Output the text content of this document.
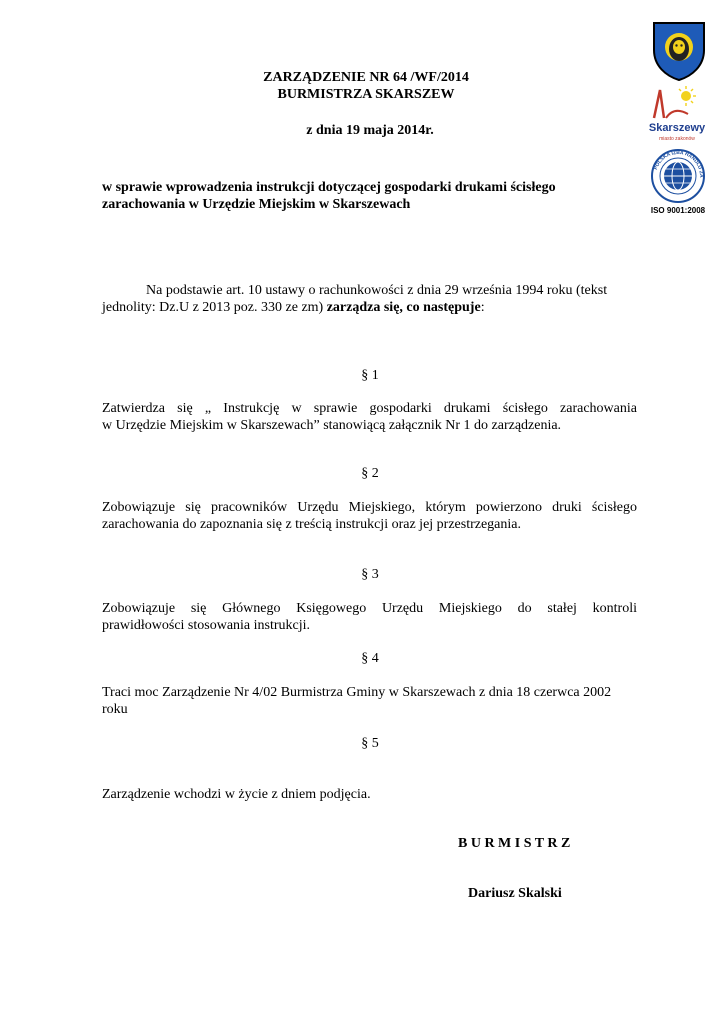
Skarszewy
miasto zakonów
POLSKA IZBA HANDLU ZA
ISO 9001:2008
ZARZĄDZENIE NR 64 /WF/2014
BURMISTRZA SKARSZEW
z dnia 19 maja 2014r.
w sprawie wprowadzenia instrukcji dotyczącej gospodarki drukami ścisłego
zarachowania w Urzędzie Miejskim w Skarszewach
Na podstawie art. 10 ustawy o rachunkowości z dnia 29 września 1994 roku (tekst
jednolity: Dz.U z 2013 poz. 330 ze zm) zarządza się, co następuje:
§ 1
Zatwierdza się „ Instrukcję w sprawie gospodarki drukami ścisłego zarachowania
w Urzędzie Miejskim w Skarszewach” stanowiącą załącznik Nr 1 do zarządzenia.
§ 2
Zobowiązuje się pracowników Urzędu Miejskiego, którym powierzono druki ścisłego
zarachowania do zapoznania się z treścią instrukcji oraz jej przestrzegania.
§ 3
Zobowiązuje się Głównego Księgowego Urzędu Miejskiego do stałej kontroli
prawidłowości stosowania instrukcji.
§ 4
Traci moc Zarządzenie Nr 4/02 Burmistrza Gminy w Skarszewach z dnia 18 czerwca 2002
roku
§ 5
Zarządzenie wchodzi w życie z dniem podjęcia.
B U R M I S T R Z
Dariusz Skalski
